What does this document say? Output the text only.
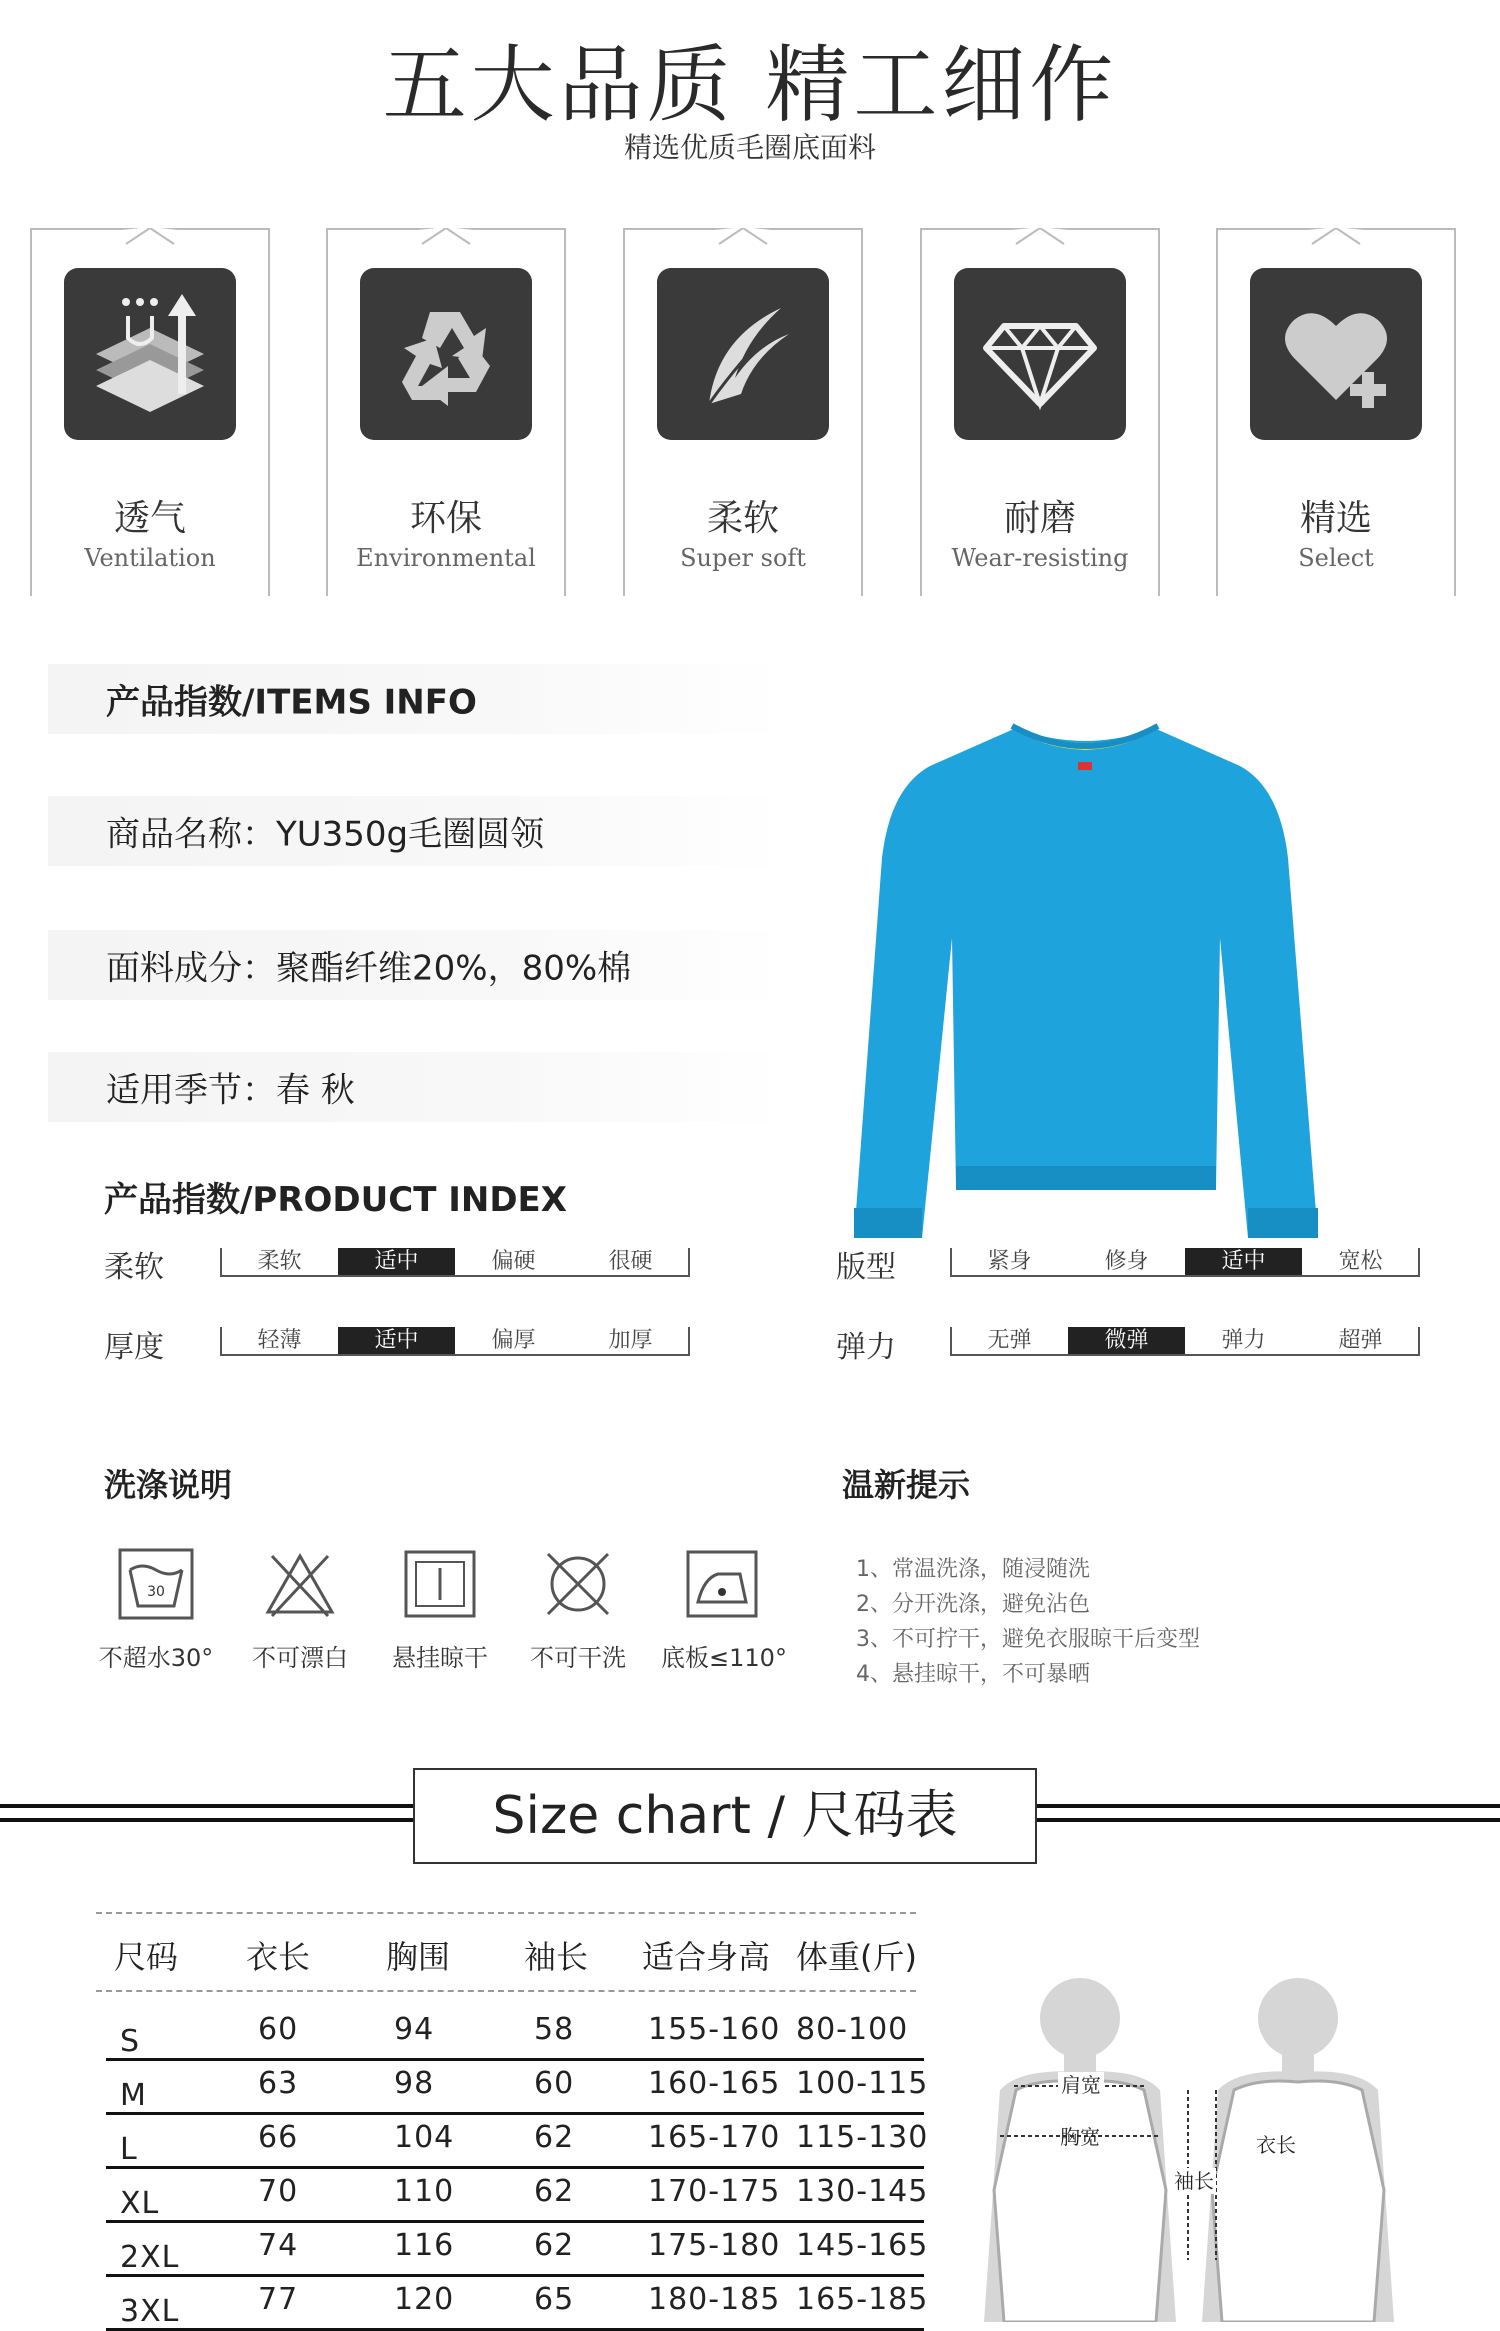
五大品质 精工细作
精选优质毛圈底面料
透气
Ventilation
环保
Environmental
柔软
Super soft
耐磨
Wear-resisting
精选
Select
产品指数/ITEMS INFO
商品名称：YU350g毛圈圆领
面料成分：聚酯纤维20%，80%棉
适用季节：春 秋
产品指数/PRODUCT INDEX
柔软	柔软	适中	偏硬	很硬
厚度	轻薄	适中	偏厚	加厚
版型	紧身	修身	适中	宽松
弹力	无弹	微弹	弹力	超弹
洗涤说明
30
不超水30°	不可漂白	悬挂晾干	不可干洗	底板≤110°
温新提示
1、常温洗涤，随浸随洗
2、分开洗涤，避免沾色
3、不可拧干，避免衣服晾干后变型
4、悬挂晾干，不可暴晒
Size chart / 尺码表
尺码 衣长 胸围 袖长 适合身高 体重(斤)
S	60	94	58 155-160 80-100
M	63	98	60 160-165 100-115
L	66	104	62 165-170 115-130
XL	70	110	62 170-175 130-145
2XL	74	116	62 175-180 145-165
3XL	77	120	65 180-185 165-185
肩宽
胸宽
袖长
衣长
